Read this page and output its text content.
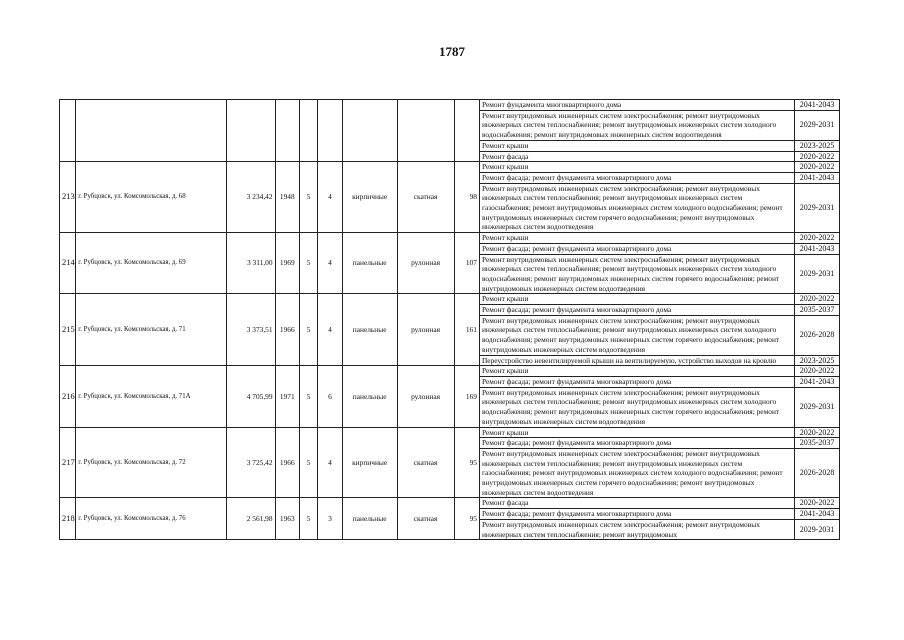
1787
									Ремонт фундамента многоквартирного дома	2041-2043
									Ремонт внутридомовых инженерных систем электроснабжения; ремонт внутридомовых инженерных систем теплоснабжения; ремонт внутридомовых инженерных систем холодного водоснабжения; ремонт внутридомовых инженерных систем водоотведения	2029-2031
									Ремонт крыши	2023-2025
									Ремонт фасада	2020-2022
213	г. Рубцовск, ул. Комсомольская, д. 68	3 234,42	1948	5	4	кирпичные	скатная	98	Ремонт крыши	2020-2022
									Ремонт фасада; ремонт фундамента многоквартирного дома	2041-2043
									Ремонт внутридомовых инженерных систем электроснабжения; ремонт внутридомовых инженерных систем теплоснабжения; ремонт внутридомовых инженерных систем газоснабжения; ремонт внутридомовых инженерных систем холодного водоснабжения; ремонт внутридомовых инженерных систем горячего водоснабжения; ремонт внутридомовых инженерных систем водоотведения	2029-2031
214	г. Рубцовск, ул. Комсомольская, д. 69	3 311,00	1969	5	4	панельные	рулонная	107	Ремонт крыши	2020-2022
									Ремонт фасада; ремонт фундамента многоквартирного дома	2041-2043
									Ремонт внутридомовых инженерных систем электроснабжения; ремонт внутридомовых инженерных систем теплоснабжения; ремонт внутридомовых инженерных систем холодного водоснабжения; ремонт внутридомовых инженерных систем горячего водоснабжения; ремонт внутридомовых инженерных систем водоотведения	2029-2031
215	г. Рубцовск, ул. Комсомольская, д. 71	3 373,51	1966	5	4	панельные	рулонная	161	Ремонт крыши	2020-2022
									Ремонт фасада; ремонт фундамента многоквартирного дома	2035-2037
									Ремонт внутридомовых инженерных систем электроснабжения; ремонт внутридомовых инженерных систем теплоснабжения; ремонт внутридомовых инженерных систем холодного водоснабжения; ремонт внутридомовых инженерных систем горячего водоснабжения; ремонт внутридомовых инженерных систем водоотведения	2026-2028
									Переустройство невентилируемой крыши на вентилируемую, устройство выходов на кровлю	2023-2025
216	г. Рубцовск, ул. Комсомольская, д. 71А	4 705,99	1971	5	6	панельные	рулонная	169	Ремонт крыши	2020-2022
									Ремонт фасада; ремонт фундамента многоквартирного дома	2041-2043
									Ремонт внутридомовых инженерных систем электроснабжения; ремонт внутридомовых инженерных систем теплоснабжения; ремонт внутридомовых инженерных систем холодного водоснабжения; ремонт внутридомовых инженерных систем горячего водоснабжения; ремонт внутридомовых инженерных систем водоотведения	2029-2031
217	г. Рубцовск, ул. Комсомольская, д. 72	3 725,42	1966	5	4	кирпичные	скатная	95	Ремонт крыши	2020-2022
									Ремонт фасада; ремонт фундамента многоквартирного дома	2035-2037
									Ремонт внутридомовых инженерных систем электроснабжения; ремонт внутридомовых инженерных систем теплоснабжения; ремонт внутридомовых инженерных систем газоснабжения; ремонт внутридомовых инженерных систем холодного водоснабжения; ремонт внутридомовых инженерных систем горячего водоснабжения; ремонт внутридомовых инженерных систем водоотведения	2026-2028
218	г. Рубцовск, ул. Комсомольская, д. 76	2 561,98	1963	5	3	панельные	скатная	95	Ремонт фасада	2020-2022
									Ремонт фасада; ремонт фундамента многоквартирного дома	2041-2043
									Ремонт внутридомовых инженерных систем электроснабжения; ремонт внутридомовых инженерных систем теплоснабжения; ремонт внутридомовых	2029-2031
